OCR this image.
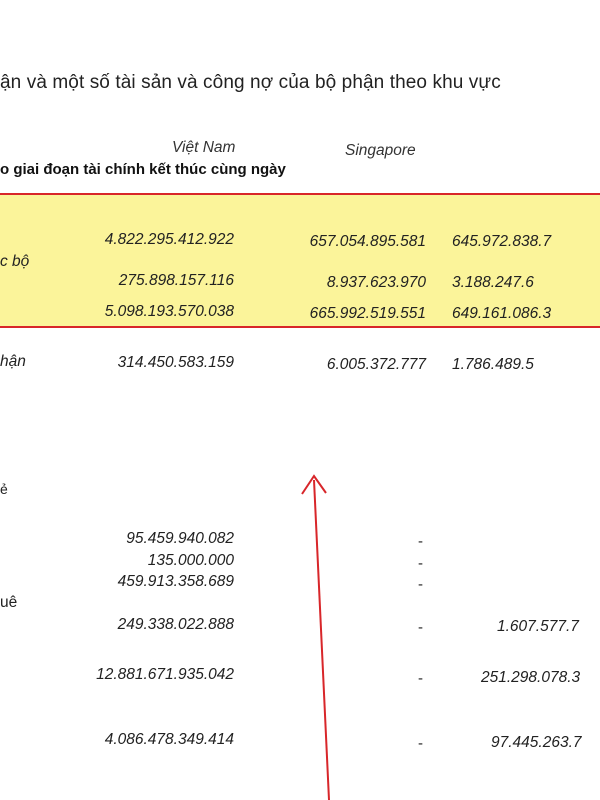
ận và một số tài sản và công nợ của bộ phận theo khu vực
Việt Nam	Singapore
o giai đoạn tài chính kết thúc cùng ngày
4.822.295.412.922	657.054.895.581 645.972.838.7
c bộ
275.898.157.116	8.937.623.970 3.188.247.6
5.098.193.570.038	665.992.519.551 649.161.086.3
hận	314.450.583.159	6.005.372.777 1.786.489.5
ẻ
95.459.940.082	-
135.000.000	-
459.913.358.689	-
uê
249.338.022.888	-	1.607.577.7
12.881.671.935.042	-	251.298.078.3
4.086.478.349.414	-	97.445.263.7
